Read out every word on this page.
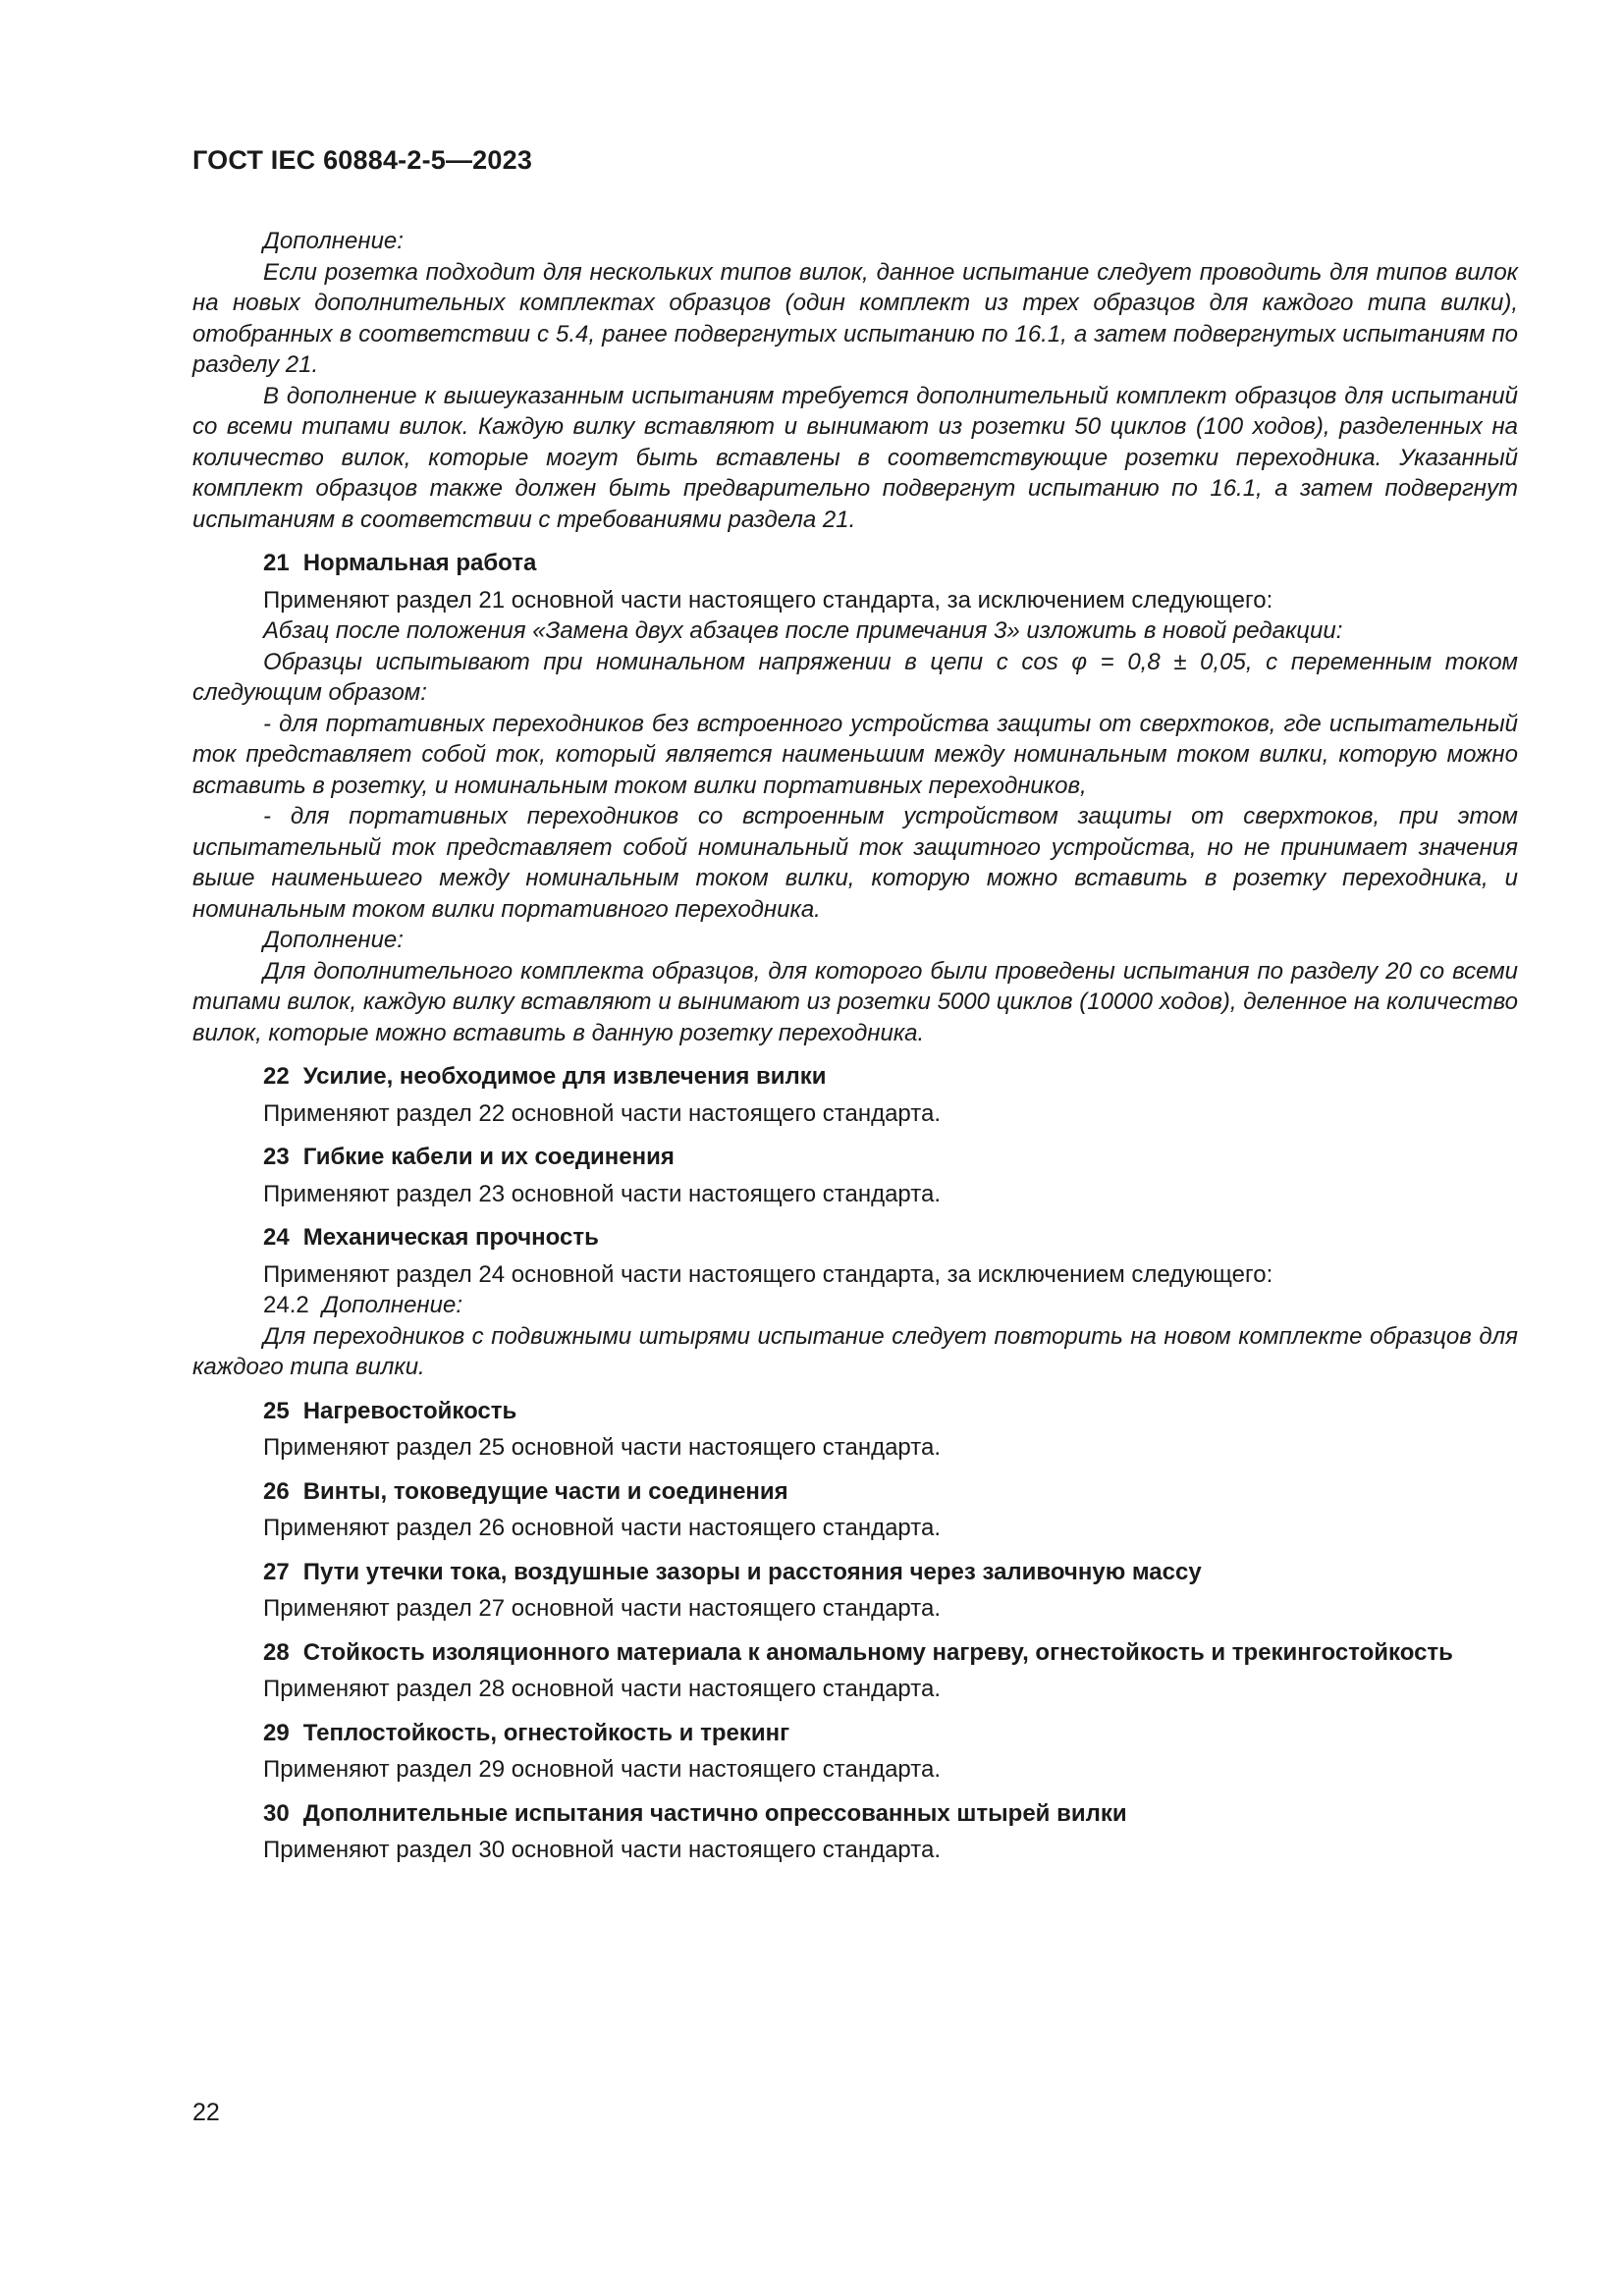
ГОСТ IEC 60884-2-5—2023

Дополнение:

Если розетка подходит для нескольких типов вилок, данное испытание следует проводить для типов вилок на новых дополнительных комплектах образцов (один комплект из трех образцов для каждого типа вилки), отобранных в соответствии с 5.4, ранее подвергнутых испытанию по 16.1, а затем подвергнутых испытаниям по разделу 21.

В дополнение к вышеуказанным испытаниям требуется дополнительный комплект образцов для испытаний со всеми типами вилок. Каждую вилку вставляют и вынимают из розетки 50 циклов (100 ходов), разделенных на количество вилок, которые могут быть вставлены в соответствующие розетки переходника. Указанный комплект образцов также должен быть предварительно подвергнут испытанию по 16.1, а затем подвергнут испытаниям в соответствии с требованиями раздела 21.

21 Нормальная работа

Применяют раздел 21 основной части настоящего стандарта, за исключением следующего:

Абзац после положения «Замена двух абзацев после примечания 3» изложить в новой редакции:

Образцы испытывают при номинальном напряжении в цепи с cos φ = 0,8 ± 0,05, с переменным током следующим образом:

- для портативных переходников без встроенного устройства защиты от сверхтоков, где испытательный ток представляет собой ток, который является наименьшим между номинальным током вилки, которую можно вставить в розетку, и номинальным током вилки портативных переходников,

- для портативных переходников со встроенным устройством защиты от сверхтоков, при этом испытательный ток представляет собой номинальный ток защитного устройства, но не принимает значения выше наименьшего между номинальным током вилки, которую можно вставить в розетку переходника, и номинальным током вилки портативного переходника.

Дополнение:

Для дополнительного комплекта образцов, для которого были проведены испытания по разделу 20 со всеми типами вилок, каждую вилку вставляют и вынимают из розетки 5000 циклов (10000 ходов), деленное на количество вилок, которые можно вставить в данную розетку переходника.

22 Усилие, необходимое для извлечения вилки

Применяют раздел 22 основной части настоящего стандарта.

23 Гибкие кабели и их соединения

Применяют раздел 23 основной части настоящего стандарта.

24 Механическая прочность

Применяют раздел 24 основной части настоящего стандарта, за исключением следующего:

24.2 Дополнение:

Для переходников с подвижными штырями испытание следует повторить на новом комплекте образцов для каждого типа вилки.

25 Нагревостойкость

Применяют раздел 25 основной части настоящего стандарта.

26 Винты, токоведущие части и соединения

Применяют раздел 26 основной части настоящего стандарта.

27 Пути утечки тока, воздушные зазоры и расстояния через заливочную массу

Применяют раздел 27 основной части настоящего стандарта.

28 Стойкость изоляционного материала к аномальному нагреву, огнестойкость и трекингостойкость

Применяют раздел 28 основной части настоящего стандарта.

29 Теплостойкость, огнестойкость и трекинг

Применяют раздел 29 основной части настоящего стандарта.

30 Дополнительные испытания частично опрессованных штырей вилки

Применяют раздел 30 основной части настоящего стандарта.

22
